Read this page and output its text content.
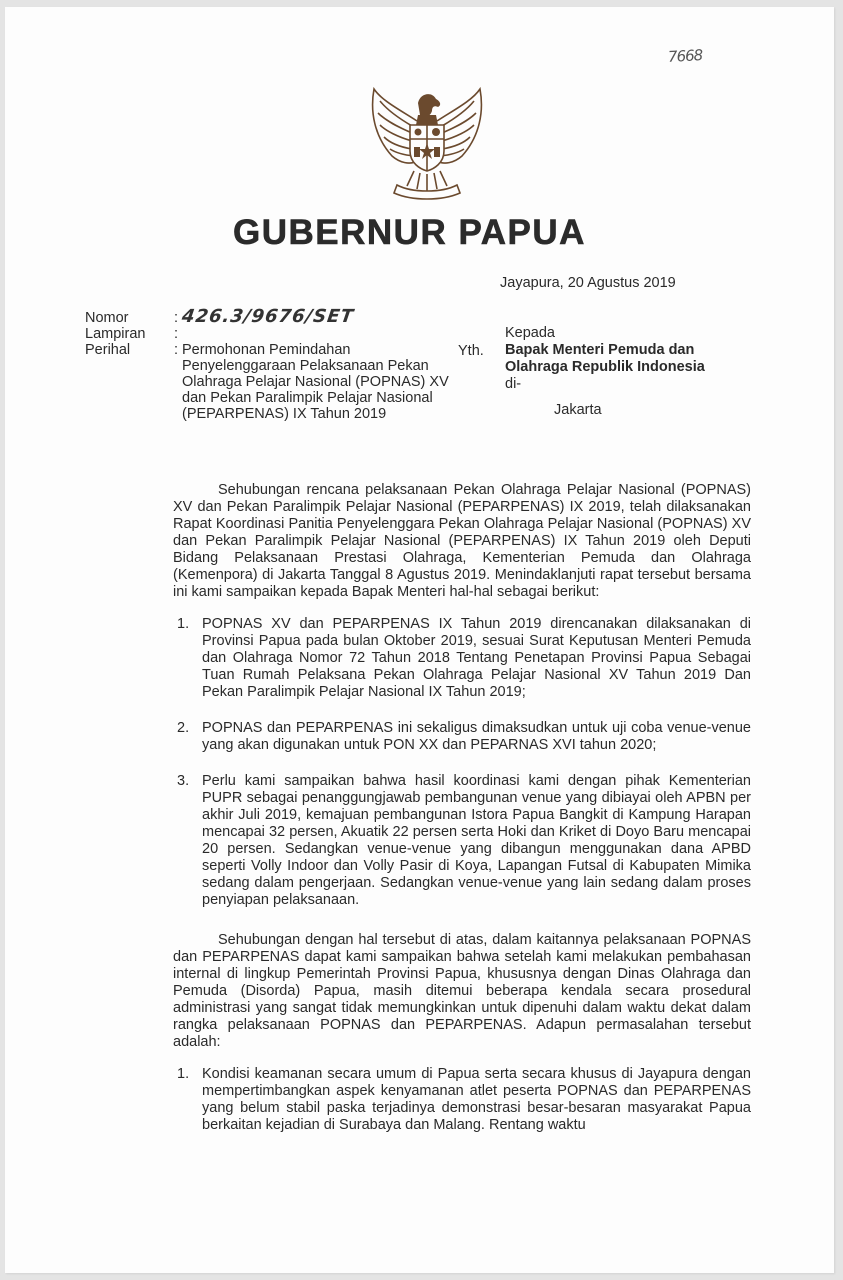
7668
GUBERNUR PAPUA
Jayapura, 20 Agustus 2019
Nomor	: 426.3/9676/SET
Lampiran	:
Perihal	: Permohonan Pemindahan Penyelenggaraan Pelaksanaan Pekan Olahraga Pelajar Nasional (POPNAS) XV dan Pekan Paralimpik Pelajar Nasional (PEPARPENAS) IX Tahun 2019
Yth.
Kepada
Bapak Menteri Pemuda dan
Olahraga Republik Indonesia
di-
Jakarta

Sehubungan rencana pelaksanaan Pekan Olahraga Pelajar Nasional (POPNAS) XV dan Pekan Paralimpik Pelajar Nasional (PEPARPENAS) IX 2019, telah dilaksanakan Rapat Koordinasi Panitia Penyelenggara Pekan Olahraga Pelajar Nasional (POPNAS) XV dan Pekan Paralimpik Pelajar Nasional (PEPARPENAS) IX Tahun 2019 oleh Deputi Bidang Pelaksanaan Prestasi Olahraga, Kementerian Pemuda dan Olahraga (Kemenpora) di Jakarta Tanggal 8 Agustus 2019. Menindaklanjuti rapat tersebut bersama ini kami sampaikan kepada Bapak Menteri hal-hal sebagai berikut:

1. POPNAS XV dan PEPARPENAS IX Tahun 2019 direncanakan dilaksanakan di Provinsi Papua pada bulan Oktober 2019, sesuai Surat Keputusan Menteri Pemuda dan Olahraga Nomor 72 Tahun 2018 Tentang Penetapan Provinsi Papua Sebagai Tuan Rumah Pelaksana Pekan Olahraga Pelajar Nasional XV Tahun 2019 Dan Pekan Paralimpik Pelajar Nasional IX Tahun 2019;
2. POPNAS dan PEPARPENAS ini sekaligus dimaksudkan untuk uji coba venue-venue yang akan digunakan untuk PON XX dan PEPARNAS XVI tahun 2020;
3. Perlu kami sampaikan bahwa hasil koordinasi kami dengan pihak Kementerian PUPR sebagai penanggungjawab pembangunan venue yang dibiayai oleh APBN per akhir Juli 2019, kemajuan pembangunan Istora Papua Bangkit di Kampung Harapan mencapai 32 persen, Akuatik 22 persen serta Hoki dan Kriket di Doyo Baru mencapai 20 persen. Sedangkan venue-venue yang dibangun menggunakan dana APBD seperti Volly Indoor dan Volly Pasir di Koya, Lapangan Futsal di Kabupaten Mimika sedang dalam pengerjaan. Sedangkan venue-venue yang lain sedang dalam proses penyiapan pelaksanaan.

Sehubungan dengan hal tersebut di atas, dalam kaitannya pelaksanaan POPNAS dan PEPARPENAS dapat kami sampaikan bahwa setelah kami melakukan pembahasan internal di lingkup Pemerintah Provinsi Papua, khususnya dengan Dinas Olahraga dan Pemuda (Disorda) Papua, masih ditemui beberapa kendala secara prosedural administrasi yang sangat tidak memungkinkan untuk dipenuhi dalam waktu dekat dalam rangka pelaksanaan POPNAS dan PEPARPENAS. Adapun permasalahan tersebut adalah:

1. Kondisi keamanan secara umum di Papua serta secara khusus di Jayapura dengan mempertimbangkan aspek kenyamanan atlet peserta POPNAS dan PEPARPENAS yang belum stabil paska terjadinya demonstrasi besar-besaran masyarakat Papua berkaitan kejadian di Surabaya dan Malang. Rentang waktu
